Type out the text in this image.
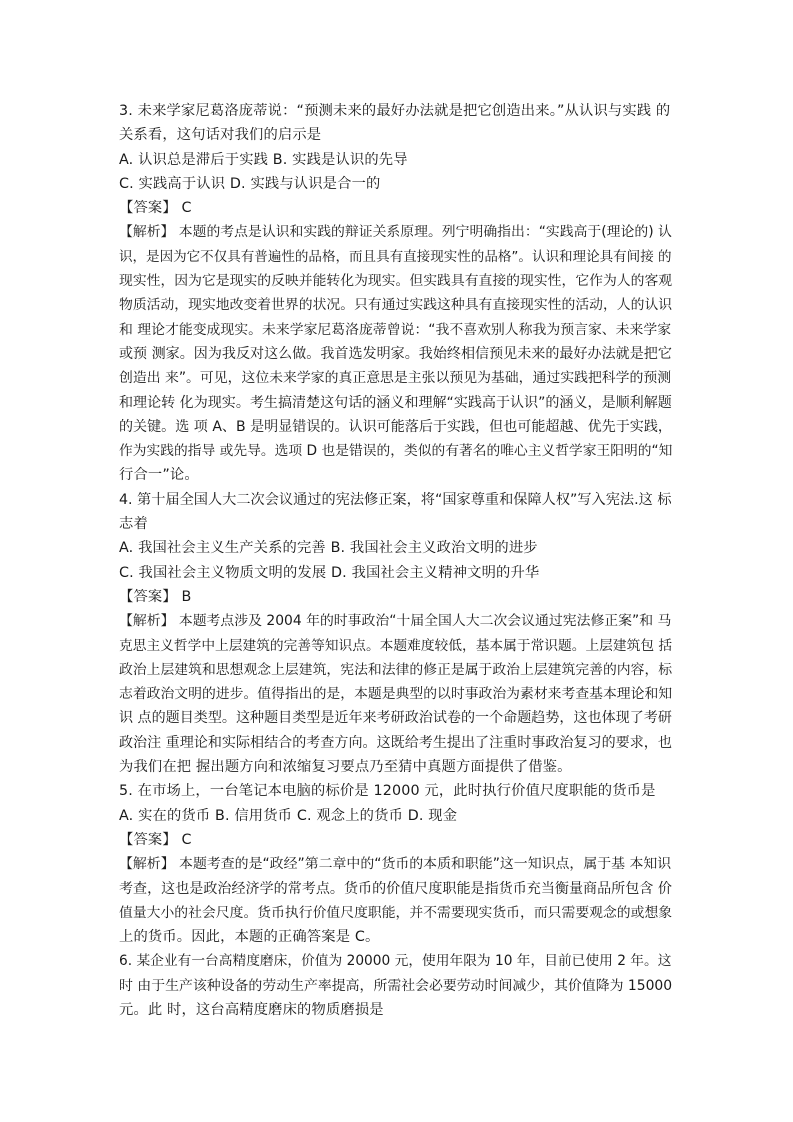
3. 未来学家尼葛洛庞蒂说：“预测未来的最好办法就是把它创造出来。”从认识与实践 的
关系看，这句话对我们的启示是
A. 认识总是滞后于实践 B. 实践是认识的先导
C. 实践高于认识 D. 实践与认识是合一的
【答案】 C
【解析】 本题的考点是认识和实践的辩证关系原理。列宁明确指出：“实践高于(理论的) 认
识，是因为它不仅具有普遍性的品格，而且具有直接现实性的品格”。认识和理论具有间接 的
现实性，因为它是现实的反映并能转化为现实。但实践具有直接的现实性，它作为人的客观
物质活动，现实地改变着世界的状况。只有通过实践这种具有直接现实性的活动，人的认识
和 理论才能变成现实。未来学家尼葛洛庞蒂曾说：“我不喜欢别人称我为预言家、未来学家
或预 测家。因为我反对这么做。我首选发明家。我始终相信预见未来的最好办法就是把它
创造出 来”。可见，这位未来学家的真正意思是主张以预见为基础，通过实践把科学的预测
和理论转 化为现实。考生搞清楚这句话的涵义和理解“实践高于认识”的涵义，是顺利解题
的关键。选 项 A、B 是明显错误的。认识可能落后于实践，但也可能超越、优先于实践，
作为实践的指导 或先导。选项 D 也是错误的，类似的有著名的唯心主义哲学家王阳明的“知
行合一”论。
4. 第十届全国人大二次会议通过的宪法修正案，将“国家尊重和保障人权”写入宪法.这 标
志着
A. 我国社会主义生产关系的完善 B. 我国社会主义政治文明的进步
C. 我国社会主义物质文明的发展 D. 我国社会主义精神文明的升华
【答案】 B
【解析】 本题考点涉及 2004 年的时事政治“十届全国人大二次会议通过宪法修正案”和 马
克思主义哲学中上层建筑的完善等知识点。本题难度较低，基本属于常识题。上层建筑包 括
政治上层建筑和思想观念上层建筑，宪法和法律的修正是属于政治上层建筑完善的内容，标
志着政治文明的进步。值得指出的是，本题是典型的以时事政治为素材来考查基本理论和知
识 点的题目类型。这种题目类型是近年来考研政治试卷的一个命题趋势，这也体现了考研
政治注 重理论和实际相结合的考查方向。这既给考生提出了注重时事政治复习的要求，也
为我们在把 握出题方向和浓缩复习要点乃至猜中真题方面提供了借鉴。
5. 在市场上，一台笔记本电脑的标价是 12000 元，此时执行价值尺度职能的货币是
A. 实在的货币 B. 信用货币 C. 观念上的货币 D. 现金
【答案】 C
【解析】 本题考查的是“政经”第二章中的“货币的本质和职能”这一知识点，属于基 本知识
考查，这也是政治经济学的常考点。货币的价值尺度职能是指货币充当衡量商品所包含 价
值量大小的社会尺度。货币执行价值尺度职能，并不需要现实货币，而只需要观念的或想象
上的货币。因此，本题的正确答案是 C。
6. 某企业有一台高精度磨床，价值为 20000 元，使用年限为 10 年，目前已使用 2 年。这
时 由于生产该种设备的劳动生产率提高，所需社会必要劳动时间减少，其价值降为 15000
元。此 时，这台高精度磨床的物质磨损是
